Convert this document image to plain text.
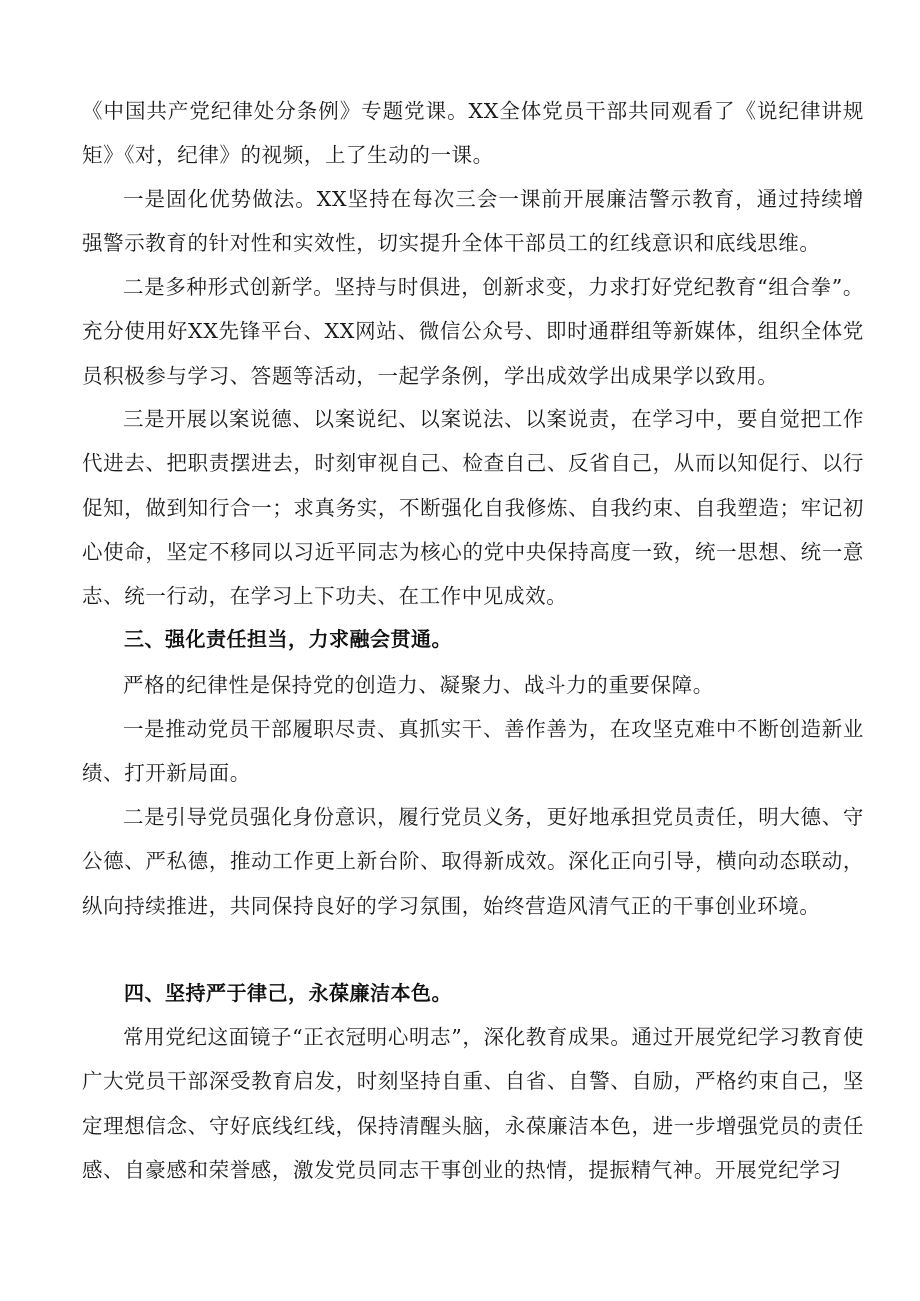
《中国共产党纪律处分条例》专题党课。XX全体党员干部共同观看了《说纪律讲规矩》《对，纪律》的视频，上了生动的一课。

一是固化优势做法。XX坚持在每次三会一课前开展廉洁警示教育，通过持续增强警示教育的针对性和实效性，切实提升全体干部员工的红线意识和底线思维。

二是多种形式创新学。坚持与时俱进，创新求变，力求打好党纪教育“组合拳”。充分使用好XX先锋平台、XX网站、微信公众号、即时通群组等新媒体，组织全体党员积极参与学习、答题等活动，一起学条例，学出成效学出成果学以致用。

三是开展以案说德、以案说纪、以案说法、以案说责，在学习中，要自觉把工作代进去、把职责摆进去，时刻审视自己、检查自己、反省自己，从而以知促行、以行促知，做到知行合一；求真务实，不断强化自我修炼、自我约束、自我塑造；牢记初心使命，坚定不移同以习近平同志为核心的党中央保持高度一致，统一思想、统一意志、统一行动，在学习上下功夫、在工作中见成效。

三、强化责任担当，力求融会贯通。

严格的纪律性是保持党的创造力、凝聚力、战斗力的重要保障。

一是推动党员干部履职尽责、真抓实干、善作善为，在攻坚克难中不断创造新业绩、打开新局面。

二是引导党员强化身份意识，履行党员义务，更好地承担党员责任，明大德、守公德、严私德，推动工作更上新台阶、取得新成效。深化正向引导，横向动态联动，纵向持续推进，共同保持良好的学习氛围，始终营造风清气正的干事创业环境。

四、坚持严于律己，永葆廉洁本色。

常用党纪这面镜子“正衣冠明心明志”，深化教育成果。通过开展党纪学习教育使广大党员干部深受教育启发，时刻坚持自重、自省、自警、自励，严格约束自己，坚定理想信念、守好底线红线，保持清醒头脑，永葆廉洁本色，进一步增强党员的责任感、自豪感和荣誉感，激发党员同志干事创业的热情，提振精气神。开展党纪学习
